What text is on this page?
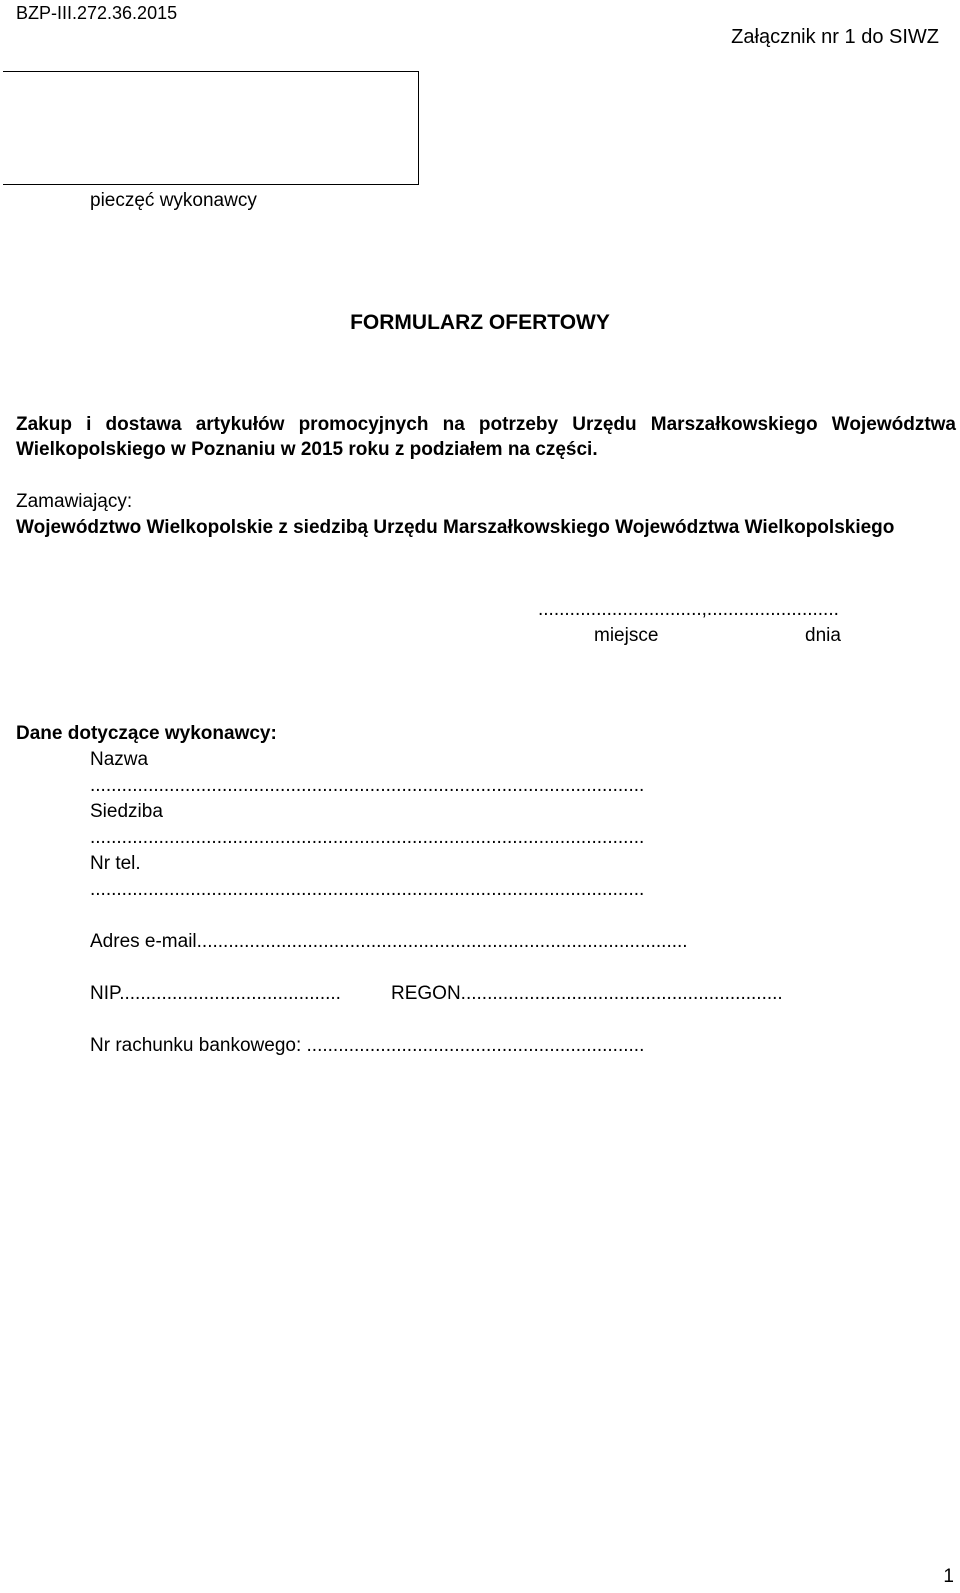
BZP-III.272.36.2015
Załącznik nr 1 do SIWZ
pieczęć wykonawcy
FORMULARZ OFERTOWY
Zakup i dostawa artykułów promocyjnych na potrzeby Urzędu Marszałkowskiego Województwa Wielkopolskiego w Poznaniu w 2015 roku z podziałem na części.
Zamawiający:
Województwo Wielkopolskie z siedzibą Urzędu Marszałkowskiego Województwa Wielkopolskiego
...............................,.........................
miejsce	dnia
Dane dotyczące wykonawcy:
Nazwa
.........................................................................................................
Siedziba
.........................................................................................................
Nr tel.
.........................................................................................................
Adres e-mail.............................................................................................
NIP..........................................	REGON.............................................................
Nr rachunku bankowego: ................................................................
1
